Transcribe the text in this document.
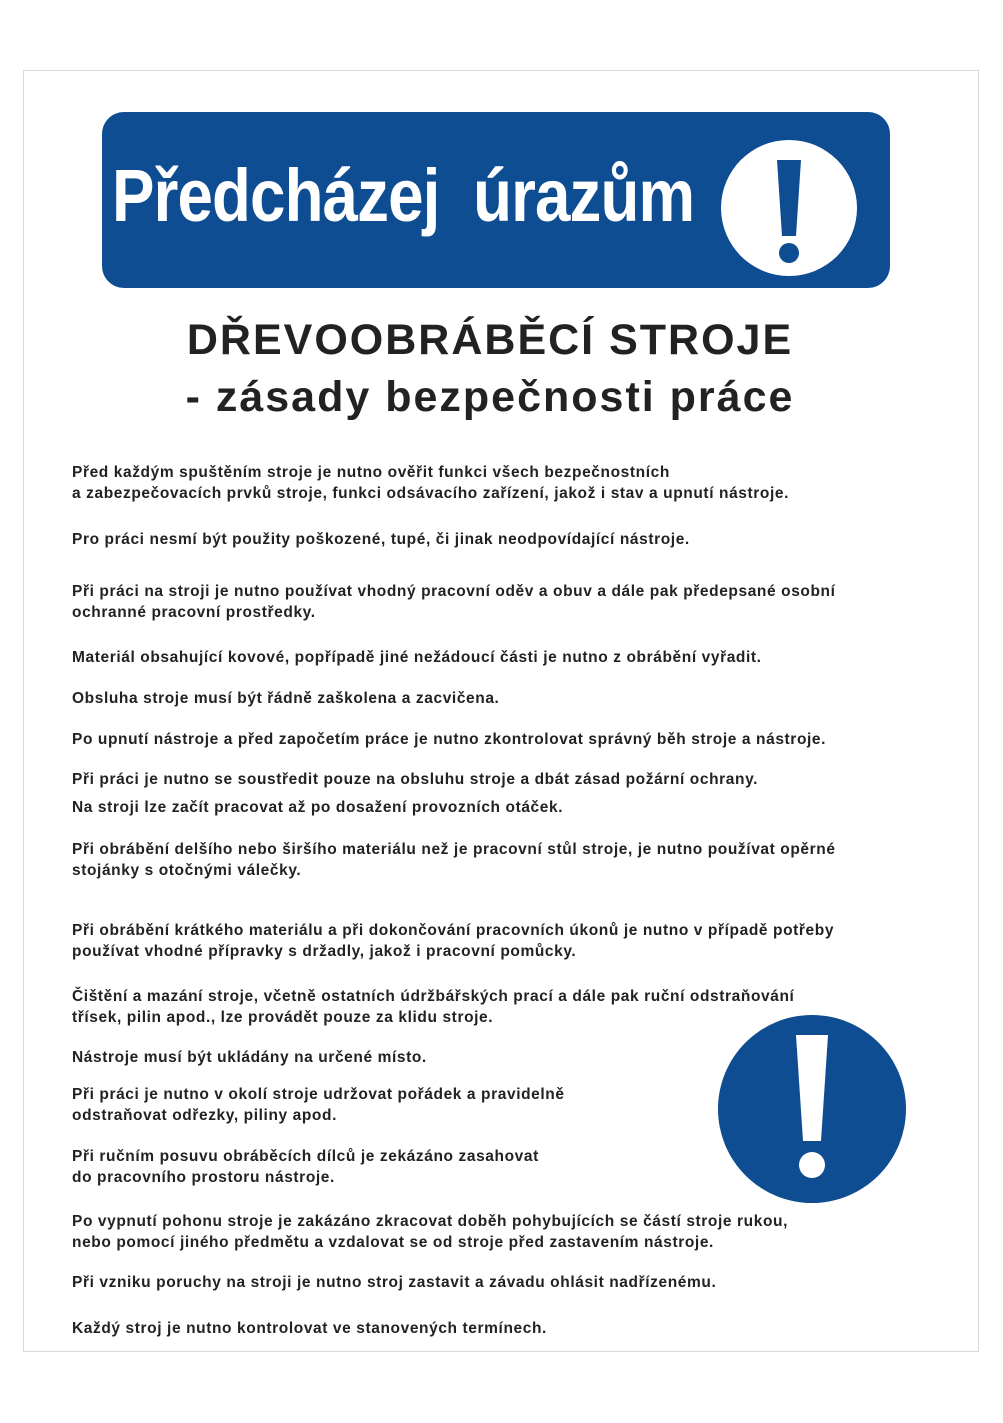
Předcházej  úrazům
DŘEVOOBRÁBĚCÍ STROJE
- zásady bezpečnosti práce
Před každým spuštěním stroje je nutno ověřit funkci všech bezpečnostních
a zabezpečovacích prvků stroje, funkci odsávacího zařízení, jakož i stav a upnutí nástroje.
Pro práci nesmí být použity poškozené, tupé, či jinak neodpovídající nástroje.
Při práci na stroji je nutno používat vhodný pracovní oděv a obuv a dále pak předepsané osobní
ochranné pracovní prostředky.
Materiál obsahující kovové, popřípadě jiné nežádoucí části je nutno z obrábění vyřadit.
Obsluha stroje musí být řádně zaškolena a zacvičena.
Po upnutí nástroje a před započetím práce je nutno zkontrolovat správný běh stroje a nástroje.
Při práci je nutno se soustředit pouze na obsluhu stroje a dbát zásad požární ochrany.
Na stroji lze začít pracovat až po dosažení provozních otáček.
Při obrábění delšího nebo širšího materiálu než je pracovní stůl stroje, je nutno používat opěrné
stojánky s otočnými válečky.
Při obrábění krátkého materiálu a při dokončování pracovních úkonů je nutno v případě potřeby
používat vhodné přípravky s držadly, jakož i pracovní pomůcky.
Čištění a mazání stroje, včetně ostatních údržbářských prací a dále pak ruční odstraňování
třísek, pilin apod., lze provádět pouze za klidu stroje.
Nástroje musí být ukládány na určené místo.
Při práci je nutno v okolí stroje udržovat pořádek a pravidelně
odstraňovat odřezky, piliny apod.
Při ručním posuvu obráběcích dílců je zekázáno zasahovat
do pracovního prostoru nástroje.
Po vypnutí pohonu stroje je zakázáno zkracovat doběh pohybujících se částí stroje rukou,
nebo pomocí jiného předmětu a vzdalovat se od stroje před zastavením nástroje.
Při vzniku poruchy na stroji je nutno stroj zastavit a závadu ohlásit nadřízenému.
Každý stroj je nutno kontrolovat ve stanovených termínech.
